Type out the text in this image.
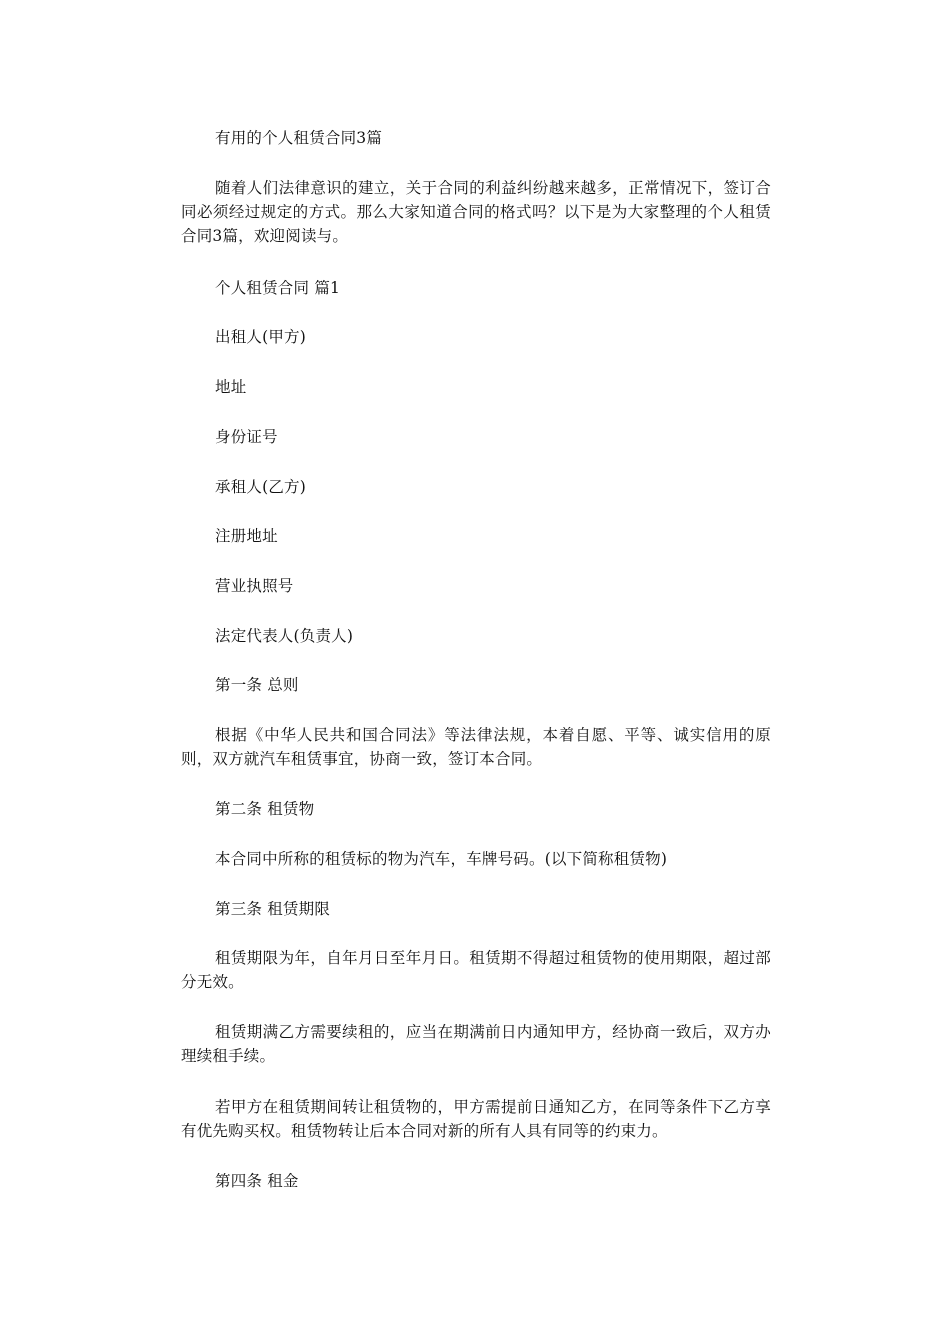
有用的个人租赁合同3篇

随着人们法律意识的建立，关于合同的利益纠纷越来越多，正常情况下，签订合同必须经过规定的方式。那么大家知道合同的格式吗？以下是为大家整理的个人租赁合同3篇，欢迎阅读与。

个人租赁合同 篇1

出租人(甲方)

地址

身份证号

承租人(乙方)

注册地址

营业执照号

法定代表人(负责人)

第一条 总则

根据《中华人民共和国合同法》等法律法规，本着自愿、平等、诚实信用的原则，双方就汽车租赁事宜，协商一致，签订本合同。

第二条 租赁物

本合同中所称的租赁标的物为汽车，车牌号码。(以下简称租赁物)

第三条 租赁期限

租赁期限为年，自年月日至年月日。租赁期不得超过租赁物的使用期限，超过部分无效。

租赁期满乙方需要续租的，应当在期满前日内通知甲方，经协商一致后，双方办理续租手续。

若甲方在租赁期间转让租赁物的，甲方需提前日通知乙方，在同等条件下乙方享有优先购买权。租赁物转让后本合同对新的所有人具有同等的约束力。

第四条 租金
